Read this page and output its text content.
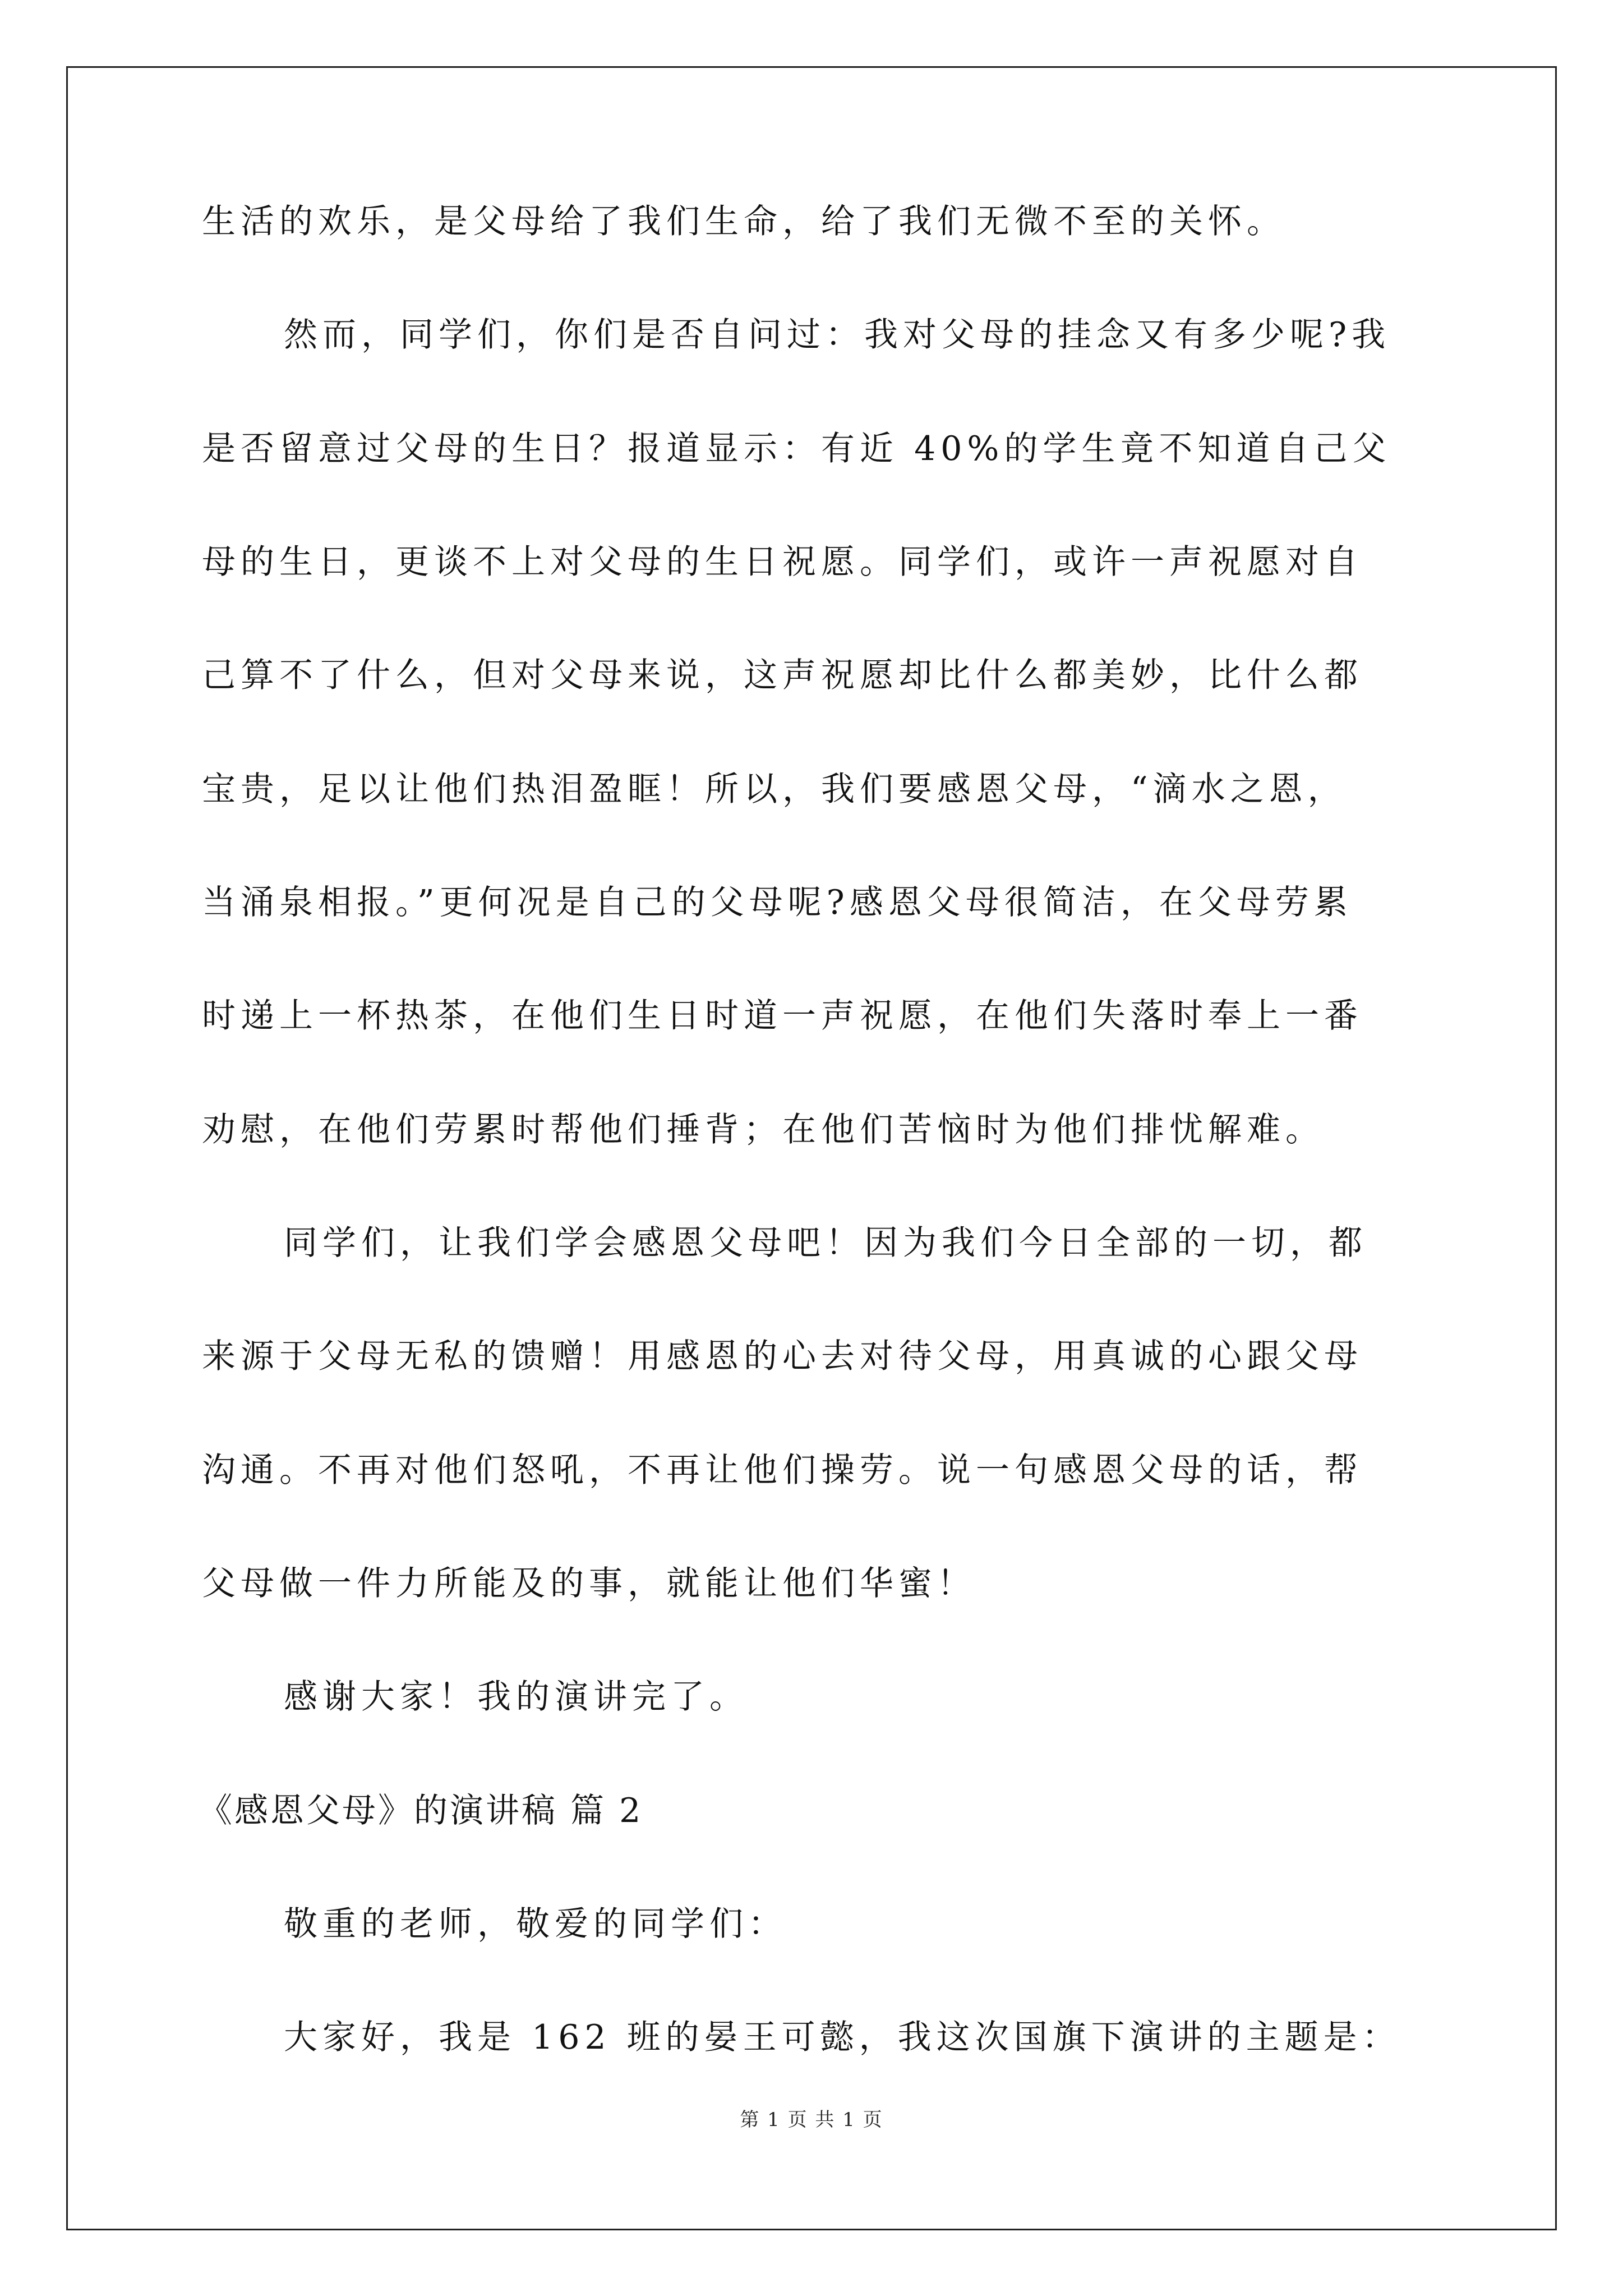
生活的欢乐，是父母给了我们生命，给了我们无微不至的关怀。
然而，同学们，你们是否自问过：我对父母的挂念又有多少呢?我
是否留意过父母的生日？报道显示：有近 40%的学生竟不知道自己父
母的生日，更谈不上对父母的生日祝愿。同学们，或许一声祝愿对自
己算不了什么，但对父母来说，这声祝愿却比什么都美妙，比什么都
宝贵，足以让他们热泪盈眶！所以，我们要感恩父母，“滴水之恩，
当涌泉相报。”更何况是自己的父母呢?感恩父母很简洁，在父母劳累
时递上一杯热茶，在他们生日时道一声祝愿，在他们失落时奉上一番
劝慰，在他们劳累时帮他们捶背；在他们苦恼时为他们排忧解难。
同学们，让我们学会感恩父母吧！因为我们今日全部的一切，都
来源于父母无私的馈赠！用感恩的心去对待父母，用真诚的心跟父母
沟通。不再对他们怒吼，不再让他们操劳。说一句感恩父母的话，帮
父母做一件力所能及的事，就能让他们华蜜！
感谢大家！我的演讲完了。
《感恩父母》的演讲稿 篇 2
敬重的老师，敬爱的同学们：
大家好，我是 162 班的晏王可懿，我这次国旗下演讲的主题是：
第 1 页 共 1 页
